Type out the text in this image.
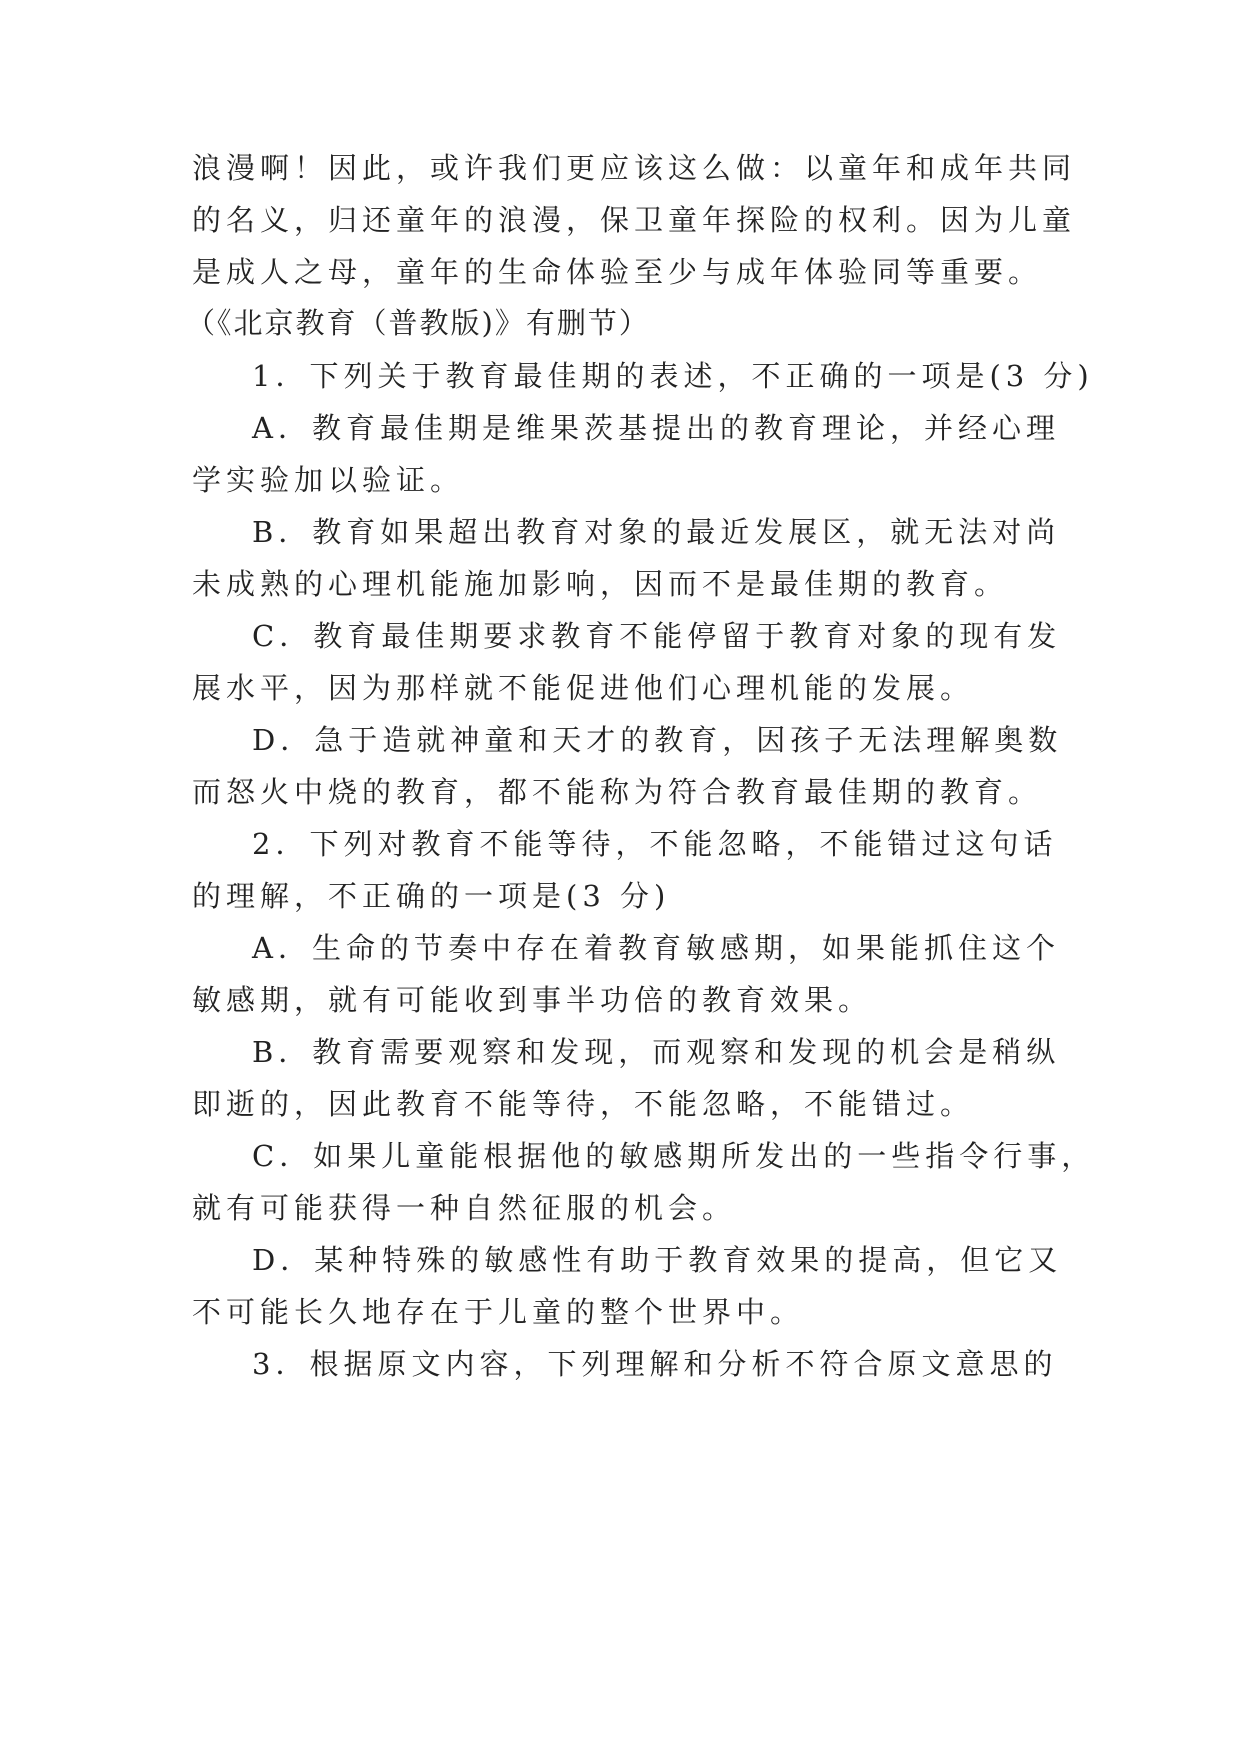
浪漫啊！因此，或许我们更应该这么做：以童年和成年共同
的名义，归还童年的浪漫，保卫童年探险的权利。因为儿童
是成人之母，童年的生命体验至少与成年体验同等重要。
（《北京教育（普教版)》有删节）
1．下列关于教育最佳期的表述，不正确的一项是(3 分)
A．教育最佳期是维果茨基提出的教育理论，并经心理
学实验加以验证。
B．教育如果超出教育对象的最近发展区，就无法对尚
未成熟的心理机能施加影响，因而不是最佳期的教育。
C．教育最佳期要求教育不能停留于教育对象的现有发
展水平，因为那样就不能促进他们心理机能的发展。
D．急于造就神童和天才的教育，因孩子无法理解奥数
而怒火中烧的教育，都不能称为符合教育最佳期的教育。
2．下列对教育不能等待，不能忽略，不能错过这句话
的理解，不正确的一项是(3 分)
A．生命的节奏中存在着教育敏感期，如果能抓住这个
敏感期，就有可能收到事半功倍的教育效果。
B．教育需要观察和发现，而观察和发现的机会是稍纵
即逝的，因此教育不能等待，不能忽略，不能错过。
C．如果儿童能根据他的敏感期所发出的一些指令行事，
就有可能获得一种自然征服的机会。
D．某种特殊的敏感性有助于教育效果的提高，但它又
不可能长久地存在于儿童的整个世界中。
3．根据原文内容，下列理解和分析不符合原文意思的
